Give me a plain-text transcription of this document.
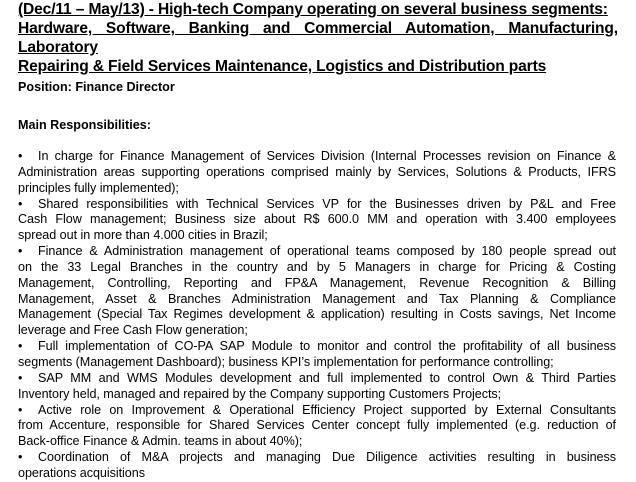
(Dec/11 – May/13) - High-tech Company operating on several business segments:
Hardware, Software, Banking and Commercial Automation, Manufacturing, Laboratory
Repairing & Field Services Maintenance, Logistics and Distribution parts
Position: Finance Director
Main Responsibilities:
• In charge for Finance Management of Services Division (Internal Processes revision on Finance &
Administration areas supporting operations comprised mainly by Services, Solutions & Products, IFRS
principles fully implemented);
• Shared responsibilities with Technical Services VP for the Businesses driven by P&L and Free
Cash Flow management; Business size about R$ 600.0 MM and operation with 3.400 employees
spread out in more than 4.000 cities in Brazil;
• Finance & Administration management of operational teams composed by 180 people spread out
on the 33 Legal Branches in the country and by 5 Managers in charge for Pricing & Costing
Management, Controlling, Reporting and FP&A Management, Revenue Recognition & Billing
Management, Asset & Branches Administration Management and Tax Planning & Compliance
Management (Special Tax Regimes development & application) resulting in Costs savings, Net Income
leverage and Free Cash Flow generation;
• Full implementation of CO-PA SAP Module to monitor and control the profitability of all business
segments (Management Dashboard); business KPI’s implementation for performance controlling;
• SAP MM and WMS Modules development and full implemented to control Own & Third Parties
Inventory held, managed and repaired by the Company supporting Customers Projects;
• Active role on Improvement & Operational Efficiency Project supported by External Consultants
from Accenture, responsible for Shared Services Center concept fully implemented (e.g. reduction of
Back-office Finance & Admin. teams in about 40%);
• Coordination of M&A projects and managing Due Diligence activities resulting in business
operations acquisitions
